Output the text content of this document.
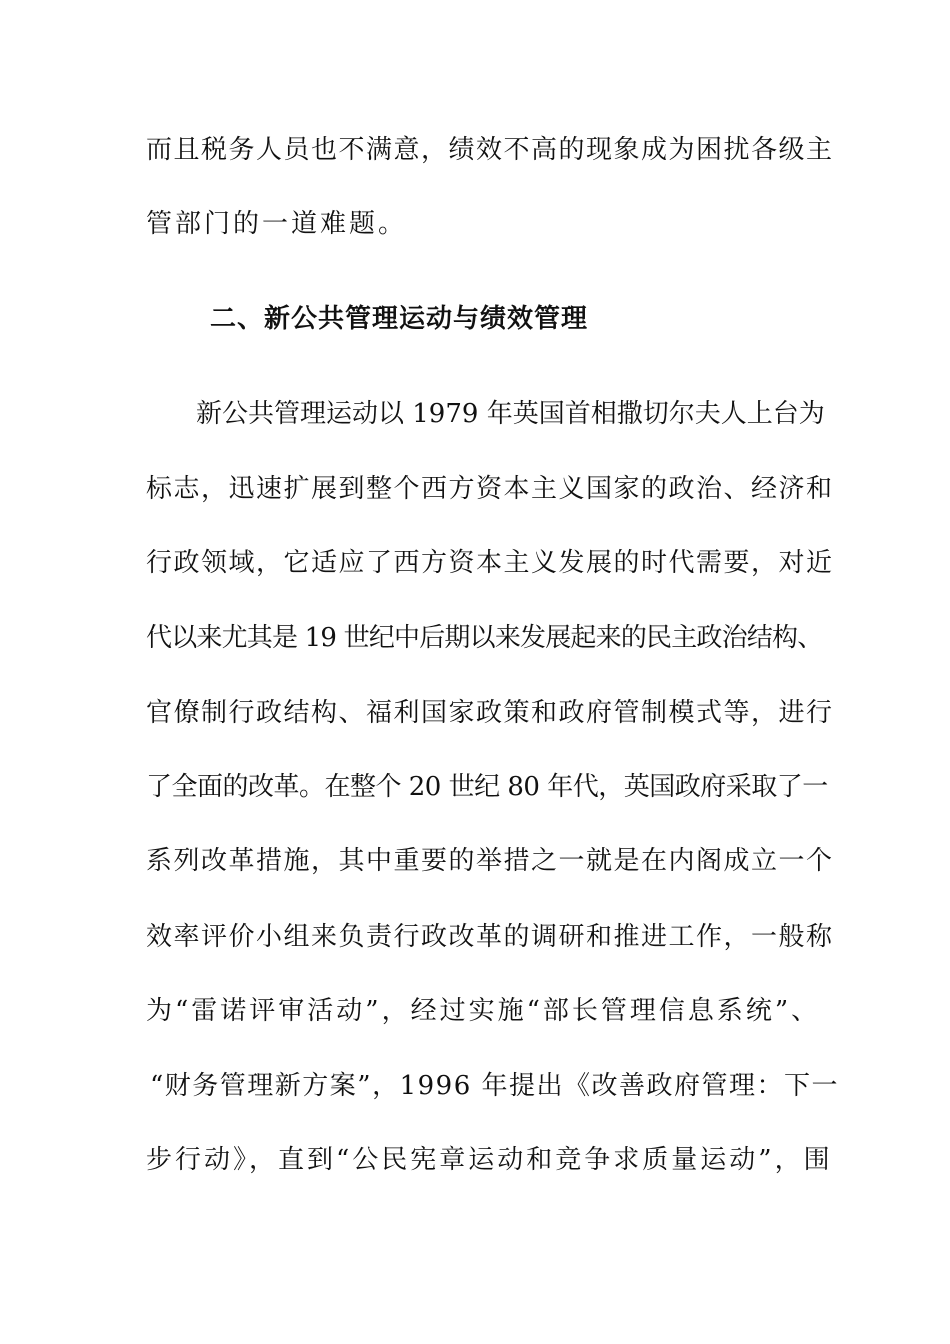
而且税务人员也不满意，绩效不高的现象成为困扰各级主
管部门的一道难题。
二、新公共管理运动与绩效管理
新公共管理运动以 1979 年英国首相撒切尔夫人上台为
标志，迅速扩展到整个西方资本主义国家的政治、经济和
行政领域，它适应了西方资本主义发展的时代需要，对近
代以来尤其是 19 世纪中后期以来发展起来的民主政治结构、
官僚制行政结构、福利国家政策和政府管制模式等，进行
了全面的改革。在整个 20 世纪 80 年代，英国政府采取了一
系列改革措施，其中重要的举措之一就是在内阁成立一个
效率评价小组来负责行政改革的调研和推进工作，一般称
为“雷诺评审活动”，经过实施“部长管理信息系统”、
“财务管理新方案”，1996 年提出《改善政府管理：下一
步行动》，直到“公民宪章运动和竞争求质量运动”，围
